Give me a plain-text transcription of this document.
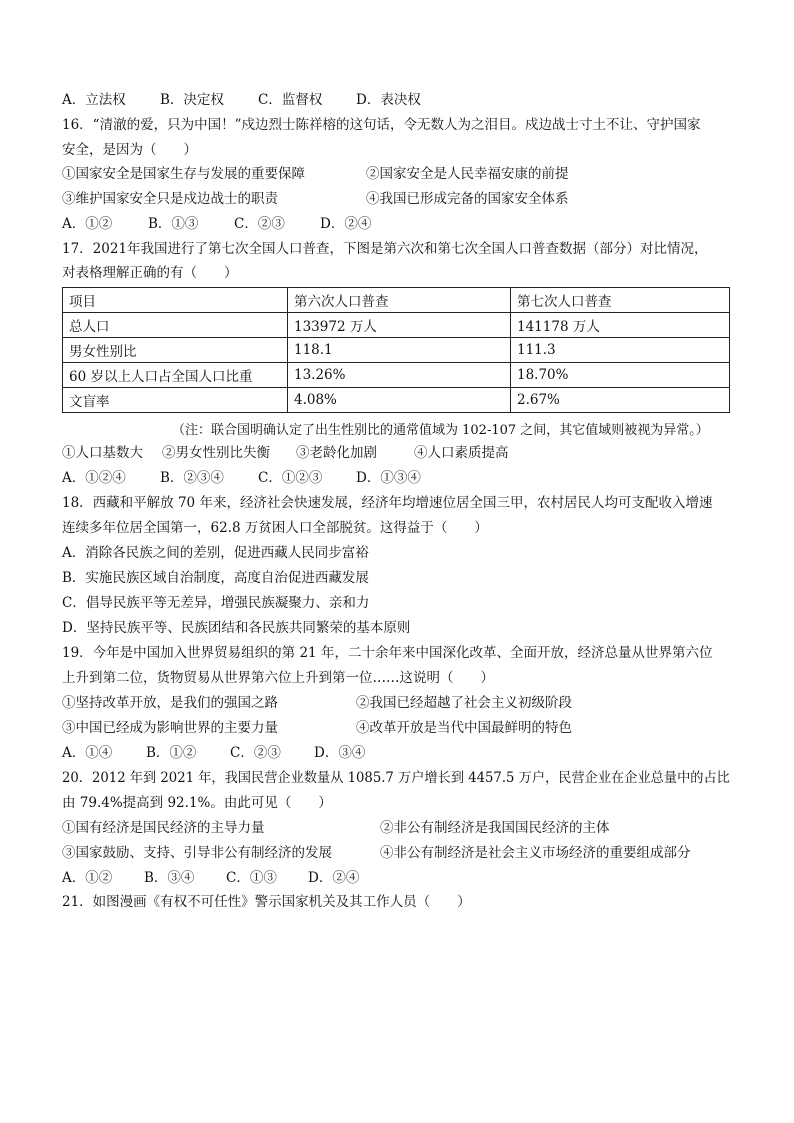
A．立法权	B．决定权	C．监督权 D．表决权
16．“清澈的爱，只为中国！”戍边烈士陈祥榕的这句话，令无数人为之泪目。戍边战士寸土不让、守护国家
安全，是因为（　　）
①国家安全是国家生存与发展的重要保障	②国家安全是人民幸福安康的前提
③维护国家安全只是戍边战士的职责	④我国已形成完备的国家安全体系
A．①②	B．①③	C．②③	D．②④
17．2021年我国进行了第七次全国人口普查，下图是第六次和第七次全国人口普查数据（部分）对比情况，
对表格理解正确的有（　　）
项目	第六次人口普查	第七次人口普查
总人口	133972 万人	141178 万人
男女性别比	118.1	111.3
60 岁以上人口占全国人口比重	13.26%	18.70%
文盲率	4.08%	2.67%
（注：联合国明确认定了出生性别比的通常值域为 102-107 之间，其它值域则被视为异常。）
①人口基数大 ②男女性别比失衡 ③老龄化加剧	④人口素质提高
A．①②④	B．②③④	C．①②③ D．①③④
18．西藏和平解放 70 年来，经济社会快速发展，经济年均增速位居全国三甲，农村居民人均可支配收入增速
连续多年位居全国第一，62.8 万贫困人口全部脱贫。这得益于（　　）
A．消除各民族之间的差别，促进西藏人民同步富裕
B．实施民族区域自治制度，高度自治促进西藏发展
C．倡导民族平等无差异，增强民族凝聚力、亲和力
D．坚持民族平等、民族团结和各民族共同繁荣的基本原则
19．今年是中国加入世界贸易组织的第 21 年，二十余年来中国深化改革、全面开放，经济总量从世界第六位
上升到第二位，货物贸易从世界第六位上升到第一位……这说明（　　）
①坚持改革开放，是我们的强国之路	②我国已经超越了社会主义初级阶段
③中国已经成为影响世界的主要力量	④改革开放是当代中国最鲜明的特色
A．①④	B．①② C．②③ D．③④
20．2012 年到 2021 年，我国民营企业数量从 1085.7 万户增长到 4457.5 万户，民营企业在企业总量中的占比
由 79.4%提高到 92.1%。由此可见（　　）
①国有经济是国民经济的主导力量	②非公有制经济是我国国民经济的主体
③国家鼓励、支持、引导非公有制经济的发展	④非公有制经济是社会主义市场经济的重要组成部分
A．①② B．③④ C．①③ D．②④
21．如图漫画《有权不可任性》警示国家机关及其工作人员（　　）
